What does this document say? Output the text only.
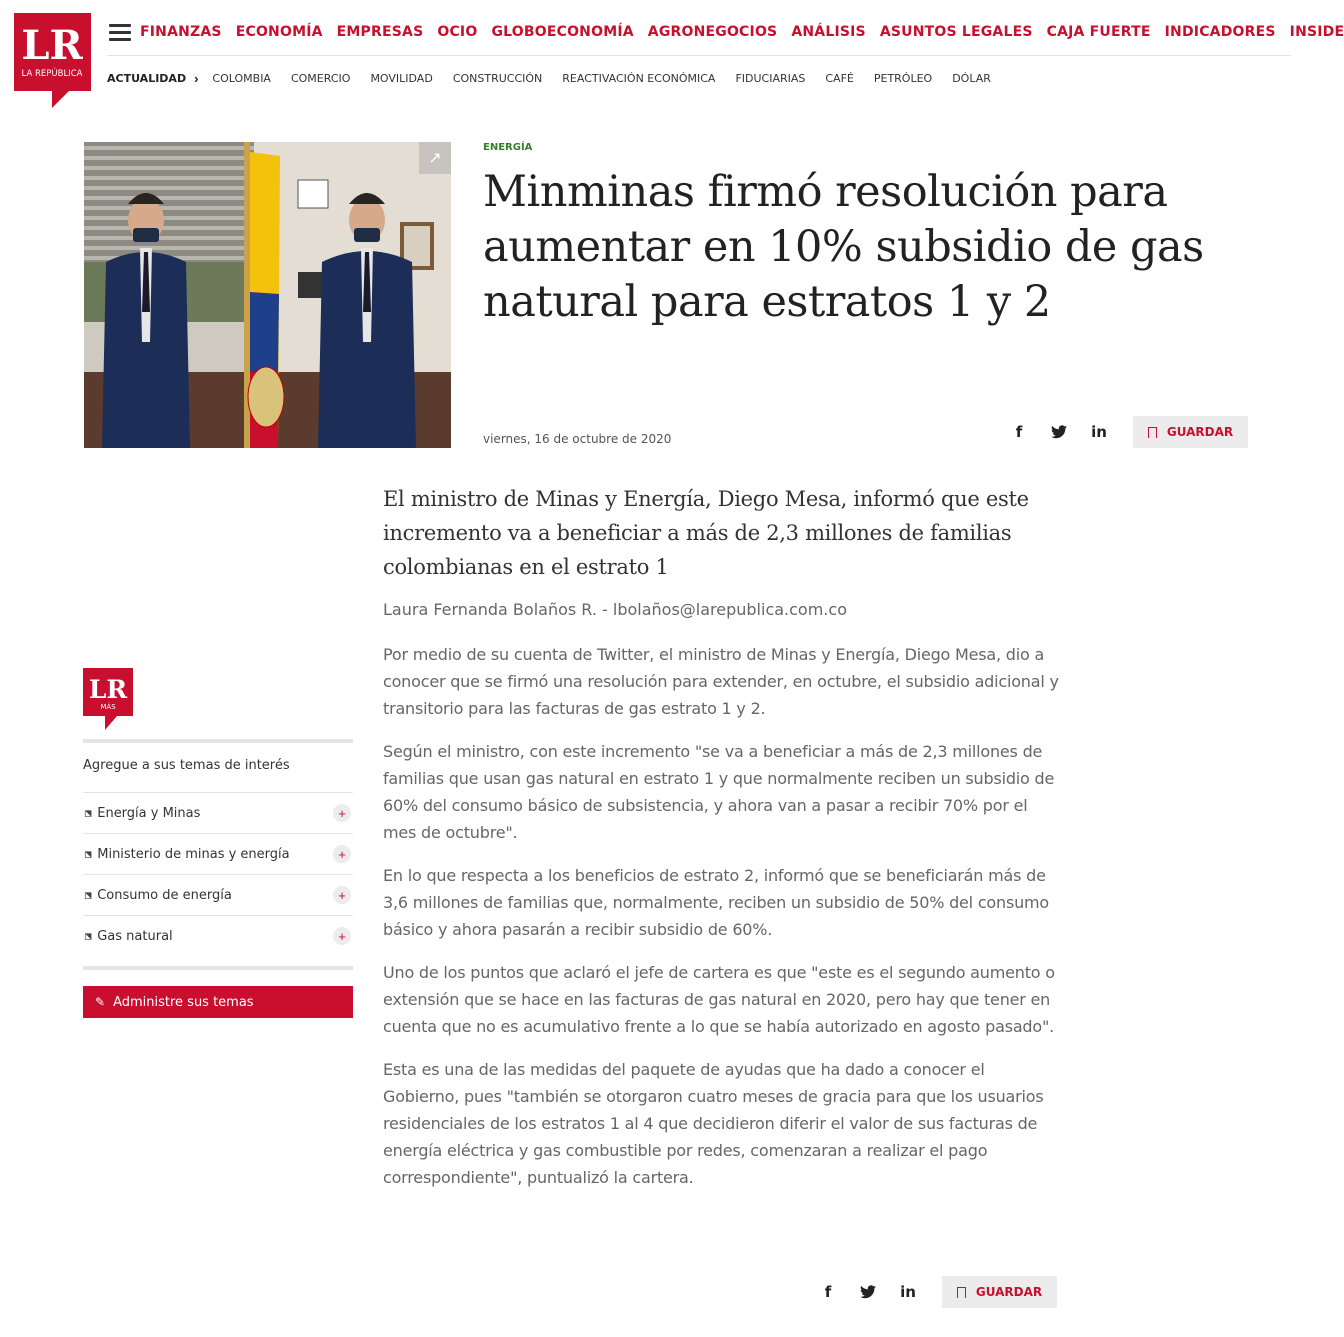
LR
LA REPÚBLICA
FINANZAS ECONOMÍA EMPRESAS OCIO GLOBOECONOMÍA AGRONEGOCIOS ANÁLISIS ASUNTOS LEGALES CAJA FUERTE INDICADORES INSIDE
ACTUALIDAD › COLOMBIA COMERCIO MOVILIDAD CONSTRUCCIÓN REACTIVACIÓN ECONÓMICA FIDUCIARIAS CAFÉ PETRÓLEO DÓLAR
↗
ENERGÍA
Minminas firmó resolución para aumentar en 10% subsidio de gas natural para estratos 1 y 2
viernes, 16 de octubre de 2020	f	in	GUARDAR

El ministro de Minas y Energía, Diego Mesa, informó que este incremento va a beneficiar a más de 2,3 millones de familias colombianas en el estrato 1

Laura Fernanda Bolaños R. - lbolaños@larepublica.com.co

Por medio de su cuenta de Twitter, el ministro de Minas y Energía, Diego Mesa, dio a conocer que se firmó una resolución para extender, en octubre, el subsidio adicional y transitorio para las facturas de gas estrato 1 y 2.

Según el ministro, con este incremento "se va a beneficiar a más de 2,3 millones de familias que usan gas natural en estrato 1 y que normalmente reciben un subsidio de 60% del consumo básico de subsistencia, y ahora van a pasar a recibir 70% por el mes de octubre".

En lo que respecta a los beneficios de estrato 2, informó que se beneficiarán más de 3,6 millones de familias que, normalmente, reciben un subsidio de 50% del consumo básico y ahora pasarán a recibir subsidio de 60%.

Uno de los puntos que aclaró el jefe de cartera es que "este es el segundo aumento o extensión que se hace en las facturas de gas natural en 2020, pero hay que tener en cuenta que no es acumulativo frente a lo que se había autorizado en agosto pasado".

Esta es una de las medidas del paquete de ayudas que ha dado a conocer el Gobierno, pues "también se otorgaron cuatro meses de gracia para que los usuarios residenciales de los estratos 1 al 4 que decidieron diferir el valor de sus facturas de energía eléctrica y gas combustible por redes, comenzaran a realizar el pago correspondiente", puntualizó la cartera.

f	in	GUARDAR
LR
MÁS
Agregue a sus temas de interés
⬗ Energía y Minas	+
⬗ Ministerio de minas y energía	+
⬗ Consumo de energía	+
⬗ Gas natural	+
✎ Administre sus temas
